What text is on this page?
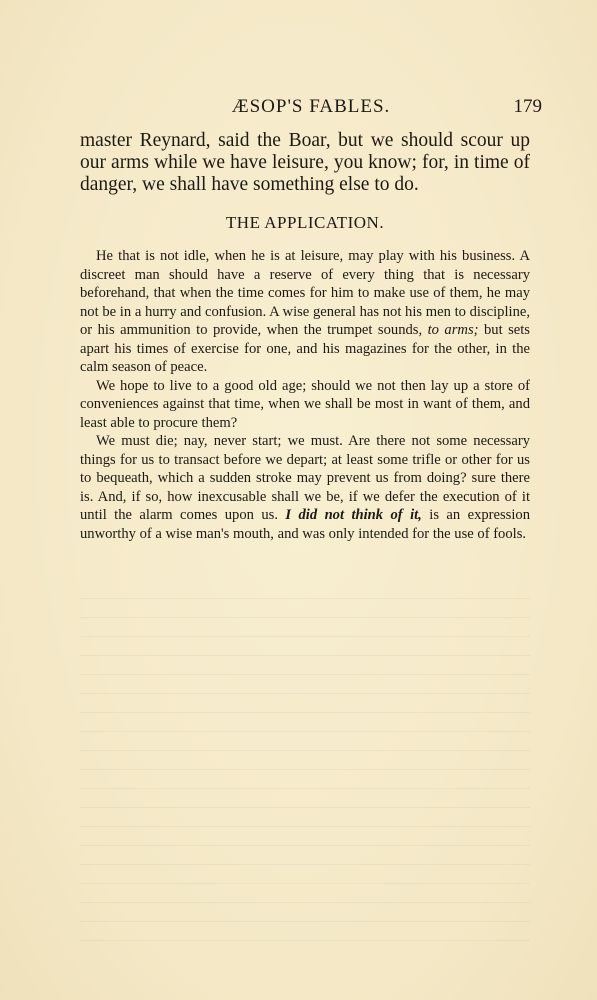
ÆSOP'S FABLES.	179

master Reynard, said the Boar, but we should scour up our arms while we have leisure, you know; for, in time of danger, we shall have something else to do.

THE APPLICATION.

He that is not idle, when he is at leisure, may play with his business. A discreet man should have a reserve of every thing that is necessary beforehand, that when the time comes for him to make use of them, he may not be in a hurry and confusion. A wise general has not his men to discipline, or his ammunition to provide, when the trumpet sounds, to arms; but sets apart his times of exercise for one, and his magazines for the other, in the calm season of peace.

We hope to live to a good old age; should we not then lay up a store of conveniences against that time, when we shall be most in want of them, and least able to procure them?

We must die; nay, never start; we must. Are there not some necessary things for us to transact before we depart; at least some trifle or other for us to bequeath, which a sudden stroke may prevent us from doing? sure there is. And, if so, how inexcusable shall we be, if we defer the execution of it until the alarm comes upon us. I did not think of it, is an expression unworthy of a wise man's mouth, and was only intended for the use of fools.
